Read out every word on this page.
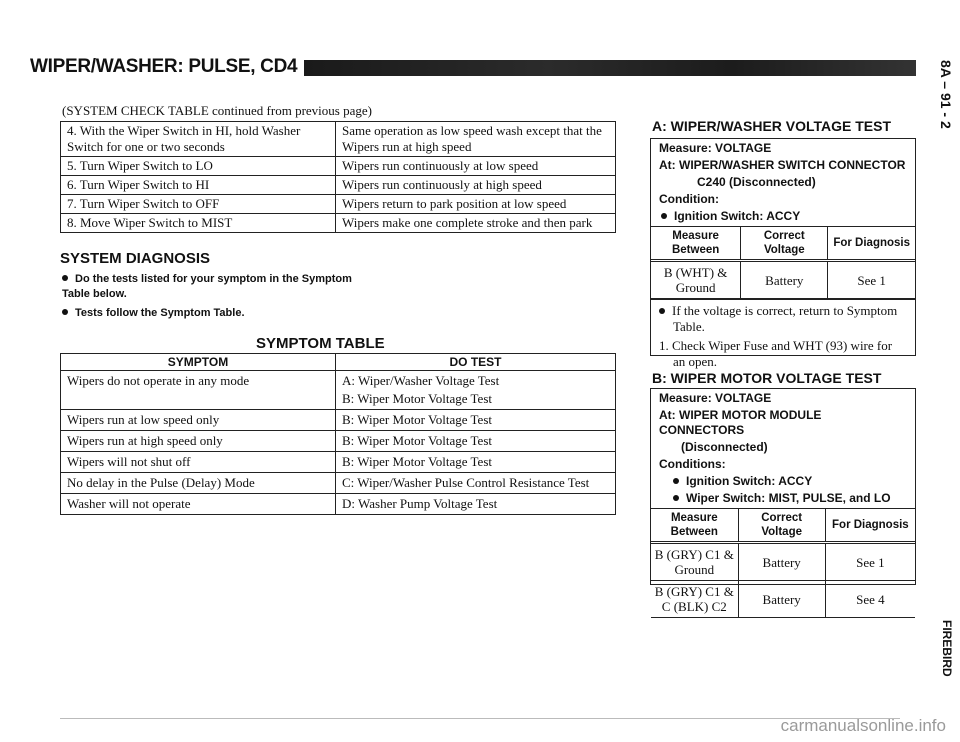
WIPER/WASHER: PULSE, CD4	8A – 91 - 2
FIREBIRD
(SYSTEM CHECK TABLE continued from previous page)
4. With the Wiper Switch in HI, hold Washer Switch for one or two seconds	Same operation as low speed wash except that the Wipers run at high speed
5. Turn Wiper Switch to LO	Wipers run continuously at low speed
6. Turn Wiper Switch to HI	Wipers run continuously at high speed
7. Turn Wiper Switch to OFF	Wipers return to park position at low speed
8. Move Wiper Switch to MIST	Wipers make one complete stroke and then park
SYSTEM DIAGNOSIS
Do the tests listed for your symptom in the Symptom Table below.
Tests follow the Symptom Table.
SYMPTOM TABLE
SYMPTOM	DO TEST
Wipers do not operate in any mode	A: Wiper/Washer Voltage Test
B: Wiper Motor Voltage Test

Wipers run at low speed only	B: Wiper Motor Voltage Test
Wipers run at high speed only	B: Wiper Motor Voltage Test
Wipers will not shut off	B: Wiper Motor Voltage Test
No delay in the Pulse (Delay) Mode	C: Wiper/Washer Pulse Control Resistance Test
Washer will not operate	D: Washer Pump Voltage Test
A: WIPER/WASHER VOLTAGE TEST
Measure: VOLTAGE
At: WIPER/WASHER SWITCH CONNECTOR
C240 (Disconnected)
Condition:
Ignition Switch: ACCY
Measure Between	Correct Voltage	For Diagnosis
B (WHT) & Ground	Battery	See 1
If the voltage is correct, return to Symptom Table.
1. Check Wiper Fuse and WHT (93) wire for an open.
B: WIPER MOTOR VOLTAGE TEST
Measure: VOLTAGE
At: WIPER MOTOR MODULE CONNECTORS
(Disconnected)
Conditions:
Ignition Switch: ACCY
Wiper Switch: MIST, PULSE, and LO
Measure Between	Correct Voltage	For Diagnosis
B (GRY) C1 & Ground	Battery	See 1
B (GRY) C1 & C (BLK) C2	Battery	See 4
carmanualsonline.info
